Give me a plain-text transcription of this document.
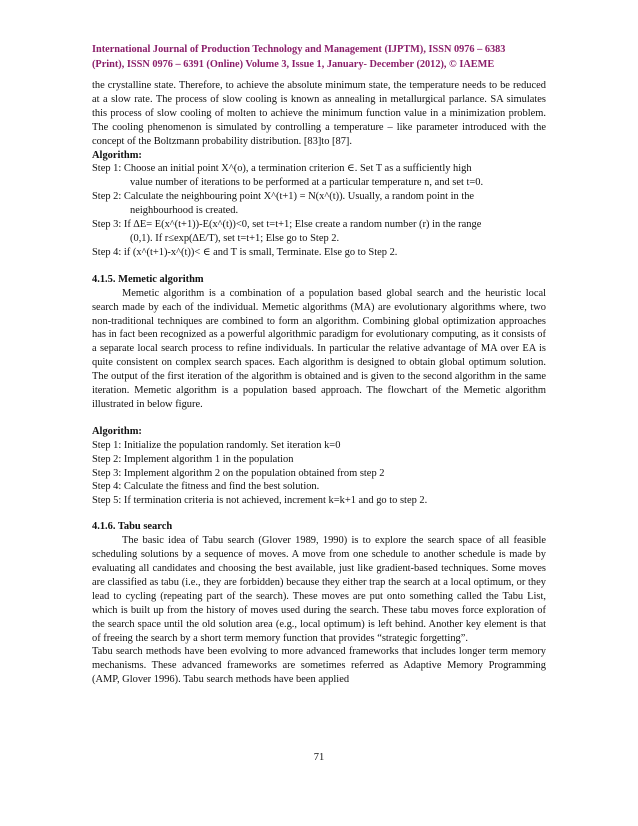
International Journal of Production Technology and Management (IJPTM), ISSN 0976 – 6383
(Print), ISSN 0976 – 6391 (Online) Volume 3, Issue 1, January- December (2012), © IAEME

the crystalline state. Therefore, to achieve the absolute minimum state, the temperature needs to be reduced at a slow rate. The process of slow cooling is known as annealing in metallurgical parlance. SA simulates this process of slow cooling of molten to achieve the minimum function value in a minimization problem. The cooling phenomenon is simulated by controlling a temperature – like parameter introduced with the concept of the Boltzmann probability distribution. [83]to [87].

Algorithm:
Step 1: Choose an initial point X^(o), a termination criterion ∈. Set T as a sufficiently high
value number of iterations to be performed at a particular temperature n, and set t=0.
Step 2: Calculate the neighbouring point X^(t+1) = N(x^(t)). Usually, a random point in the
neighbourhood is created.
Step 3: If ∆E= E(x^(t+1))-E(x^(t))<0, set t=t+1; Else create a random number (r) in the range
(0,1). If r≤exp(∆E/T), set t=t+1; Else go to Step 2.
Step 4: if (x^(t+1)-x^(t))< ∈ and T is small, Terminate. Else go to Step 2.
4.1.5. Memetic algorithm

Memetic algorithm is a combination of a population based global search and the heuristic local search made by each of the individual. Memetic algorithms (MA) are evolutionary algorithms where, two non-traditional techniques are combined to form an algorithm. Combining global optimization approaches has in fact been recognized as a powerful algorithmic paradigm for evolutionary computing, as it consists of a separate local search process to refine individuals. In particular the relative advantage of MA over EA is quite consistent on complex search spaces. Each algorithm is designed to obtain global optimum solution. The output of the first iteration of the algorithm is obtained and is given to the second algorithm in the same iteration. Memetic algorithm is a population based approach. The flowchart of the Memetic algorithm illustrated in below figure.

Algorithm:
Step 1: Initialize the population randomly. Set iteration k=0
Step 2: Implement algorithm 1 in the population
Step 3: Implement algorithm 2 on the population obtained from step 2
Step 4: Calculate the fitness and find the best solution.
Step 5: If termination criteria is not achieved, increment k=k+1 and go to step 2.
4.1.6. Tabu search

The basic idea of Tabu search (Glover 1989, 1990) is to explore the search space of all feasible scheduling solutions by a sequence of moves. A move from one schedule to another schedule is made by evaluating all candidates and choosing the best available, just like gradient-based techniques. Some moves are classified as tabu (i.e., they are forbidden) because they either trap the search at a local optimum, or they lead to cycling (repeating part of the search). These moves are put onto something called the Tabu List, which is built up from the history of moves used during the search. These tabu moves force exploration of the search space until the old solution area (e.g., local optimum) is left behind. Another key element is that of freeing the search by a short term memory function that provides “strategic forgetting”.

Tabu search methods have been evolving to more advanced frameworks that includes longer term memory mechanisms. These advanced frameworks are sometimes referred as Adaptive Memory Programming (AMP, Glover 1996). Tabu search methods have been applied

71
